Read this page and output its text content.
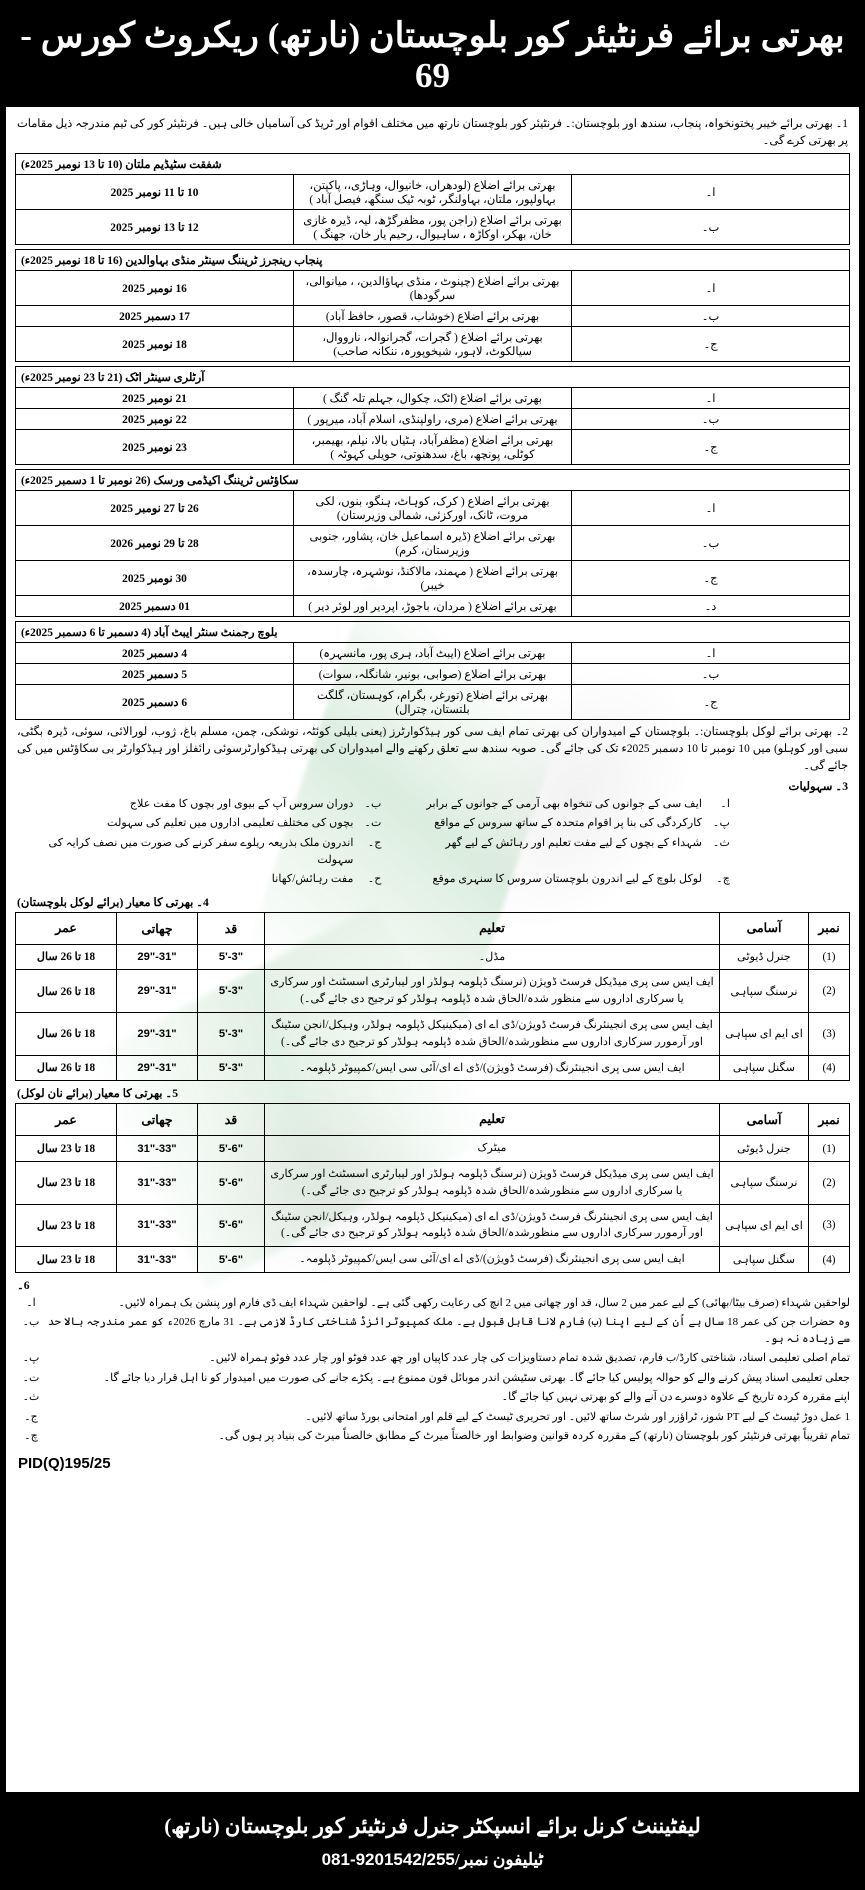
بھرتی برائے فرنٹیئر کور بلوچستان (نارتھ) ریکروٹ کورس - 69
1۔ بھرتی برائے خیبر پختونخواہ، پنجاب، سندھ اور بلوچستان:۔ فرنٹیئر کور بلوچستان نارتھ میں مختلف اقوام اور ٹریڈ کی آسامیاں خالی ہیں۔ فرنٹیئر کور کی ٹیم مندرجہ ذیل مقامات پر بھرتی کرے گی۔
شفقت سٹیڈیم ملتان (10 تا 13 نومبر 2025ء)		
ا۔	بھرتی برائے اضلاع (لودھراں، خانیوال، وہاڑی،، پاکپتن، بہاولپور، ملتان، بہاولنگر، ٹوبہ ٹیک سنگھ، فیصل آباد )	10 تا 11 نومبر 2025
ب۔	بھرتی برائے اضلاع (راجن پور، مظفرگڑھ، لیہ، ڈیرہ غازی خان، بھکر، اوکاڑہ ، ساہیوال، رحیم یار خان، جھنگ )	12 تا 13 نومبر 2025
پنجاب رینجرز ٹریننگ سینٹر منڈی بہاوالدین (16 تا 18 نومبر 2025ء)		
ا۔	بھرتی برائے اضلاع (چینوٹ ، منڈی بہاؤالدین، ، میانوالی، سرگودھا)	16 نومبر 2025
ب۔	بھرتی برائے اضلاع (خوشاب، قصور، حافظ آباد)	17 دسمبر 2025
ج۔	بھرتی برائے اضلاع ( گجرات، گجرانوالہ، نارووال، سیالکوٹ، لاہور، شیخوپورہ، ننکانہ صاحب)	18 نومبر 2025
آرٹلری سینٹر اٹک (21 تا 23 نومبر 2025ء)		
ا۔	بھرتی برائے اضلاع (اٹک، چکوال، جہلم تلہ گنگ )	21 نومبر 2025
ب۔	بھرتی برائے اضلاع (مری، راولپنڈی، اسلام آباد، میرپور )	22 نومبر 2025
ج۔	بھرتی برائے اضلاع (مظفرآباد، ہٹیاں بالا، نیلم، بھیمبر، کوٹلی، پونچھ، باغ، سدھنوتی، حویلی کہوٹہ )	23 نومبر 2025
سکاؤٹس ٹریننگ اکیڈمی ورسک (26 نومبر تا 1 دسمبر 2025ء)		
ا۔	بھرتی برائے اضلاع ( کرک، کوہاٹ، ہنگو، بنوں، لکی مروت، ٹانک، اورکزئی، شمالی وزیرستان)	26 تا 27 نومبر 2025
ب۔	بھرتی برائے اضلاع (ڈیرہ اسماعیل خان، پشاور، جنوبی وزیرستان، کرم)	28 تا 29 نومبر 2026
ج۔	بھرتی برائے اضلاع ( مہمند، مالاکنڈ، نوشہرہ، چارسدہ، خیبر)	30 نومبر 2025
د۔	بھرتی برائے اضلاع ( مردان، باجوڑ، اپردیر اور لوئر دیر )	01 دسمبر 2025
بلوچ رجمنٹ سنٹر ایبٹ آباد (4 دسمبر تا 6 دسمبر 2025ء)		
ا۔	بھرتی برائے اضلاع (ایبٹ آباد، ہری پور، مانسہرہ)	4 دسمبر 2025
ب۔	بھرتی برائے اضلاع (صوابی، بونیر، شانگلہ، سوات)	5 دسمبر 2025
ج۔	بھرتی برائے اضلاع (تورغر، بگرام، کوہستان، گلگت بلتستان، چترال)	6 دسمبر 2025
2۔ بھرتی برائے لوکل بلوچستان:۔ بلوچستان کے امیدواران کی بھرتی تمام ایف سی کور ہیڈکوارٹرز (یعنی بلیلی کوئٹہ، نوشکی، چمن، مسلم باغ، ژوب، لورالائی، سوئی، ڈیرہ بگٹی، سبی اور کوہلو) میں 10 نومبر تا 10 دسمبر 2025ء تک کی جائے گی۔ صوبہ سندھ سے تعلق رکھنے والے امیدواران کی بھرتی ہیڈکوارٹرسوئی رائفلز اور ہیڈکوارٹر بی سکاؤٹس میں کی جائے گی۔
3۔ سہولیات
ا۔
ایف سی کے جوانوں کی تنخواہ بھی آرمی کے جوانوں کے برابر
ب۔
دوران سروس آپ کے بیوی اور بچوں کا مفت علاج
پ۔
کارکردگی کی بنا پر اقوام متحدہ کے ساتھ سروس کے مواقع
ت۔
بچوں کی مختلف تعلیمی اداروں میں تعلیم کی سہولت
ث۔
شہداء کے بچوں کے لیے مفت تعلیم اور رہائش کے لیے گھر
ج۔
اندرون ملک بذریعہ ریلوے سفر کرنے کی صورت میں نصف کرایہ کی سہولت
چ۔
لوکل بلوچ کے لیے اندرون بلوچستان سروس کا سنہری موقع
ح۔
مفت رہائش/کھانا
4۔ بھرتی کا معیار (برائے لوکل بلوچستان)
نمبر	آسامی	تعلیم	قد	چھاتی	عمر
(1)	جنرل ڈیوٹی	مڈل۔	5'-3"	29"-31"	18 تا 26 سال
(2)	نرسنگ سپاہی	ایف ایس سی پری میڈیکل فرسٹ ڈویژن (نرسنگ ڈپلومہ ہولڈر اور لیبارٹری اسسٹنٹ اور سرکاری یا سرکاری اداروں سے منظور شدہ/الحاق شدہ ڈپلومہ ہولڈر کو ترجیح دی جائے گی۔)	5'-3"	29"-31"	18 تا 26 سال
(3)	ای ایم ای سپاہی	ایف ایس سی پری انجینئرنگ فرسٹ ڈویژن/ڈی اے ای (میکینیکل ڈپلومہ ہولڈر، وہیکل/انجن سٹینگ اور آرمورر سرکاری اداروں سے منظورشدہ/الحاق شدہ ڈپلومہ ہولڈر کو ترجیح دی جائے گی۔)	5'-3"	29"-31"	18 تا 26 سال
(4)	سگنل سپاہی	ایف ایس سی پری انجینئرنگ (فرسٹ ڈویژن)/ڈی اے ای/آئی سی ایس/کمپیوٹر ڈپلومہ۔	5'-3"	29"-31"	18 تا 26 سال
5۔ بھرتی کا معیار (برائے نان لوکل)
نمبر	آسامی	تعلیم	قد	چھاتی	عمر
(1)	جنرل ڈیوٹی	میٹرک	5'-6"	31"-33"	18 تا 23 سال
(2)	نرسنگ سپاہی	ایف ایس سی پری میڈیکل فرسٹ ڈویژن (نرسنگ ڈپلومہ ہولڈر اور لیبارٹری اسسٹنٹ اور سرکاری یا سرکاری اداروں سے منظورشدہ/الحاق شدہ ڈپلومہ ہولڈر کو ترجیح دی جائے گی۔)	5'-6"	31"-33"	18 تا 23 سال
(3)	ای ایم ای سپاہی	ایف ایس سی پری انجینئرنگ فرسٹ ڈویژن/ڈی اے ای (میکینیکل ڈپلومہ ہولڈر، وہیکل/انجن سٹینگ اور آرمورر سرکاری اداروں سے منظورشدہ/الحاق شدہ ڈپلومہ ہولڈر کو ترجیح دی جائے گی۔)	5'-6"	31"-33"	18 تا 23 سال
(4)	سگنل سپاہی	ایف ایس سی پری انجینئرنگ (فرسٹ ڈویژن)/ڈی اے ای/آئی سی ایس/کمپیوٹر ڈپلومہ۔	5'-6"	31"-33"	18 تا 23 سال
6۔
لواحقین شہداء (صرف بیٹا/بھائی) کے لیے عمر میں 2 سال، قد اور چھاتی میں 2 انچ کی رعایت رکھی گئی ہے۔ لواحقین شہداء ایف ڈی فارم اور پنشن بک ہمراہ لائیں۔
ا۔
وہ حضرات جن کی عمر 18 سال ہے اُن کے لیے اپنا (ب) فارم لانا قابل قبول ہے۔ ملک کمپیوٹرائزڈ شناختی کارڈ لازمی ہے۔ 31 مارچ 2026ء کو عمر مندرجہ بالا حد سے زیادہ نہ ہو۔
ب۔
تمام اصلی تعلیمی اسناد، شناختی کارڈ/ب فارم، تصدیق شدہ تمام دستاویزات کی چار عدد کاپیاں اور چھ عدد فوٹو اور چار عدد فوٹو ہمراہ لائیں۔
پ۔
جعلی تعلیمی اسناد پیش کرنے والے کو حوالہ پولیس کیا جائے گا۔ بھرتی سٹیشن اندر موبائل فون ممنوع ہے۔ پکڑے جانے کی صورت میں امیدوار کو نا اہل قرار دیا جائے گا۔
ت۔
اپنے مقررہ کردہ تاریخ کے علاوہ دوسرے دن آنے والے کو بھرتی نہیں کیا جائے گا۔
ث۔
1 عمل دوڑ ٹیسٹ کے لیے PT شوز، ٹراؤزر اور شرٹ ساتھ لائیں۔ اور تحریری ٹیسٹ کے لیے قلم اور امتحانی بورڈ ساتھ لائیں۔
ج۔
تمام تقریباً بھرتی فرنٹیئر کور بلوچستان (نارتھ) کے مقررہ کردہ قوانین وضوابط اور خالصتاً میرٹ کے مطابق خالصتاً میرٹ کی بنیاد پر ہوں گی۔
چ۔
PID(Q)195/25
لیفٹیننٹ کرنل برائے انسپکٹر جنرل فرنٹیئر کور بلوچستان (نارتھ)
ٹیلیفون نمبر/081-9201542/255
